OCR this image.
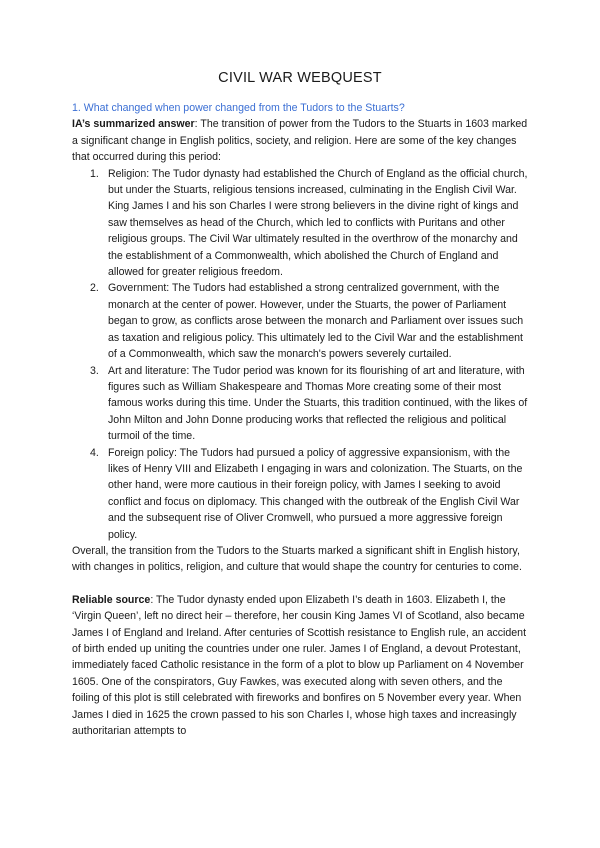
CIVIL WAR WEBQUEST

1. What changed when power changed from the Tudors to the Stuarts?

IA’s summarized answer: The transition of power from the Tudors to the Stuarts in 1603 marked a significant change in English politics, society, and religion. Here are some of the key changes that occurred during this period:

1. Religion: The Tudor dynasty had established the Church of England as the official church, but under the Stuarts, religious tensions increased, culminating in the English Civil War. King James I and his son Charles I were strong believers in the divine right of kings and saw themselves as head of the Church, which led to conflicts with Puritans and other religious groups. The Civil War ultimately resulted in the overthrow of the monarchy and the establishment of a Commonwealth, which abolished the Church of England and allowed for greater religious freedom.
2. Government: The Tudors had established a strong centralized government, with the monarch at the center of power. However, under the Stuarts, the power of Parliament began to grow, as conflicts arose between the monarch and Parliament over issues such as taxation and religious policy. This ultimately led to the Civil War and the establishment of a Commonwealth, which saw the monarch's powers severely curtailed.
3. Art and literature: The Tudor period was known for its flourishing of art and literature, with figures such as William Shakespeare and Thomas More creating some of their most famous works during this time. Under the Stuarts, this tradition continued, with the likes of John Milton and John Donne producing works that reflected the religious and political turmoil of the time.
4. Foreign policy: The Tudors had pursued a policy of aggressive expansionism, with the likes of Henry VIII and Elizabeth I engaging in wars and colonization. The Stuarts, on the other hand, were more cautious in their foreign policy, with James I seeking to avoid conflict and focus on diplomacy. This changed with the outbreak of the English Civil War and the subsequent rise of Oliver Cromwell, who pursued a more aggressive foreign policy.

Overall, the transition from the Tudors to the Stuarts marked a significant shift in English history, with changes in politics, religion, and culture that would shape the country for centuries to come.

Reliable source: The Tudor dynasty ended upon Elizabeth I’s death in 1603. Elizabeth I, the ‘Virgin Queen’, left no direct heir – therefore, her cousin King James VI of Scotland, also became James I of England and Ireland. After centuries of Scottish resistance to English rule, an accident of birth ended up uniting the countries under one ruler. James I of England, a devout Protestant, immediately faced Catholic resistance in the form of a plot to blow up Parliament on 4 November 1605. One of the conspirators, Guy Fawkes, was executed along with seven others, and the foiling of this plot is still celebrated with fireworks and bonfires on 5 November every year. When James I died in 1625 the crown passed to his son Charles I, whose high taxes and increasingly authoritarian attempts to
